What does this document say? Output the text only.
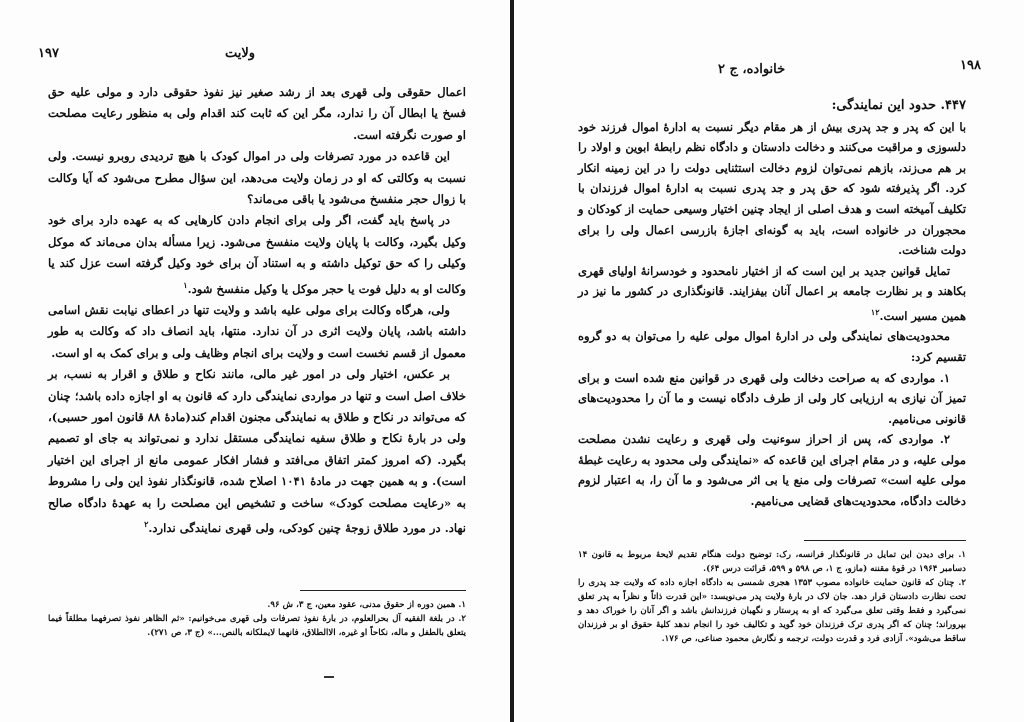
۱۹۷	ولایت

اعمال حقوقی ولی قهری بعد از رشد صغیر نیز نفوذ حقوقی دارد و مولی علیه حق فسخ یا ابطال آن را ندارد، مگر این که ثابت کند اقدام ولی به منظور رعایت مصلحت او صورت نگرفته است.

این قاعده در مورد تصرفات ولی در اموال کودک با هیچ تردیدی روبرو نیست. ولی نسبت به وکالتی که او در زمان ولایت می‌دهد، این سؤال مطرح می‌شود که آیا وکالت با زوال حجر منفسخ می‌شود یا باقی می‌ماند؟

در پاسخ باید گفت، اگر ولی برای انجام دادن کارهایی که به عهده دارد برای خود وکیل بگیرد، وکالت با پایان ولایت منفسخ می‌شود. زیرا مسأله بدان می‌ماند که موکل وکیلی را که حق توکیل داشته و به استناد آن برای خود وکیل گرفته است عزل کند یا وکالت او به دلیل فوت یا حجر موکل یا وکیل منفسخ شود.$^۱$

ولی، هرگاه وکالت برای مولی علیه باشد و ولایت تنها در اعطای نیابت نقش اسامی داشته باشد، پایان ولایت اثری در آن ندارد. منتها، باید انصاف داد که وکالت به طور معمول از قسم نخست است و ولایت برای انجام وظایف ولی و برای کمک به او است.

بر عکس، اختیار ولی در امور غیر مالی، مانند نکاح و طلاق و اقرار به نسب، بر خلاف اصل است و تنها در مواردی نمایندگی دارد که قانون به او اجازه داده باشد؛ چنان که می‌تواند در نکاح و طلاق به نمایندگی مجنون اقدام کند(مادهٔ ۸۸ قانون امور حسبی)، ولی در بارهٔ نکاح و طلاق سفیه نمایندگی مستقل ندارد و نمی‌تواند به جای او تصمیم بگیرد. (که امروز کمتر اتفاق می‌افتد و فشار افکار عمومی مانع از اجرای این اختیار است). و به همین جهت در مادهٔ ۱۰۴۱ اصلاح شده، قانونگذار نفوذ این ولی را مشروط به «رعایت مصلحت کودک» ساخت و تشخیص این مصلحت را به عهدهٔ دادگاه صالح نهاد. در مورد طلاق زوجهٔ چنین کودکی، ولی قهری نمایندگی ندارد.$^۲$

۱. همین دوره از حقوق مدنی، عقود معین، ج ۳، ش ۹۶.

۲. در بلغة الفقیه آل بحرالعلوم، در بارهٔ نفوذ تصرفات ولی قهری می‌خوانیم: «ثم الظاهر نفوذ تصرفهما مطلقاً فیما یتعلق بالطفل و ماله، نکاحاً او غیره، الاالطلاق، فانهما لایملکانه بالنص...» (ج ۳، ص ۲۷۱).

۱۹۸
خانواده، ج ۲

۴۴۷. حدود این نمایندگی:

با این که پدر و جد پدری بیش از هر مقام دیگر نسبت به ادارهٔ اموال فرزند خود دلسوزی و مراقبت می‌کنند و دخالت دادستان و دادگاه نظم رابطهٔ ابوین و اولاد را بر هم می‌زند، بازهم نمی‌توان لزوم دخالت استثنایی دولت را در این زمینه انکار کرد. اگر پذیرفته شود که حق پدر و جد پدری نسبت به ادارهٔ اموال فرزندان با تکلیف آمیخته است و هدف اصلی از ایجاد چنین اختیار وسیعی حمایت از کودکان و محجوران در خانواده است، باید به گونه‌ای اجازهٔ بازرسی اعمال ولی را برای دولت شناخت.

تمایل قوانین جدید بر این است که از اختیار نامحدود و خودسرانهٔ اولیای قهری بکاهند و بر نظارت جامعه بر اعمال آنان بیفزایند. قانونگذاری در کشور ما نیز در همین مسیر است.$^{۱۲}$

محدودیت‌های نمایندگی ولی در ادارهٔ اموال مولی علیه را می‌توان به دو گروه تقسیم کرد:

۱. مواردی که به صراحت دخالت ولی قهری در قوانین منع شده است و برای تمیز آن نیازی به ارزیابی کار ولی از طرف دادگاه نیست و ما آن را محدودیت‌های قانونی می‌نامیم.

۲. مواردی که، پس از احراز سوءنیت ولی قهری و رعایت نشدن مصلحت مولی علیه، و در مقام اجرای این قاعده که «نمایندگی ولی محدود به رعایت غبطهٔ مولی علیه است» تصرفات ولی منع یا بی اثر می‌شود و ما آن را، به اعتبار لزوم دخالت دادگاه، محدودیت‌های قضایی می‌نامیم.

۱. برای دیدن این تمایل در قانونگذار فرانسه، رک: توضیح دولت هنگام تقدیم لایحهٔ مربوط به قانون ۱۴ دسامبر ۱۹۶۴ در قوهٔ مقننه (مازو، ج ۱، ص ۵۹۸ و ۵۹۹، قرائت درس ۶۴).

۲. چنان که قانون حمایت خانواده مصوب ۱۳۵۳ هجری شمسی به دادگاه اجازه داده که ولایت جد پدری را تحت نظارت دادستان قرار دهد. جان لاک در بارهٔ ولایت پدر می‌نویسد: «این قدرت ذاتاً و نظراً به پدر تعلق نمی‌گیرد و فقط وقتی تعلق می‌گیرد که او به پرستار و نگهبان فرزندانش باشد و اگر آنان را خوراک دهد و بپروراند؛ چنان که اگر پدری ترک فرزندان خود گوید و تکالیف خود را انجام ندهد کلیهٔ حقوق او بر فرزندان ساقط می‌شود». آزادی فرد و قدرت دولت، ترجمه و نگارش محمود صناعی، ص ۱۷۶.
